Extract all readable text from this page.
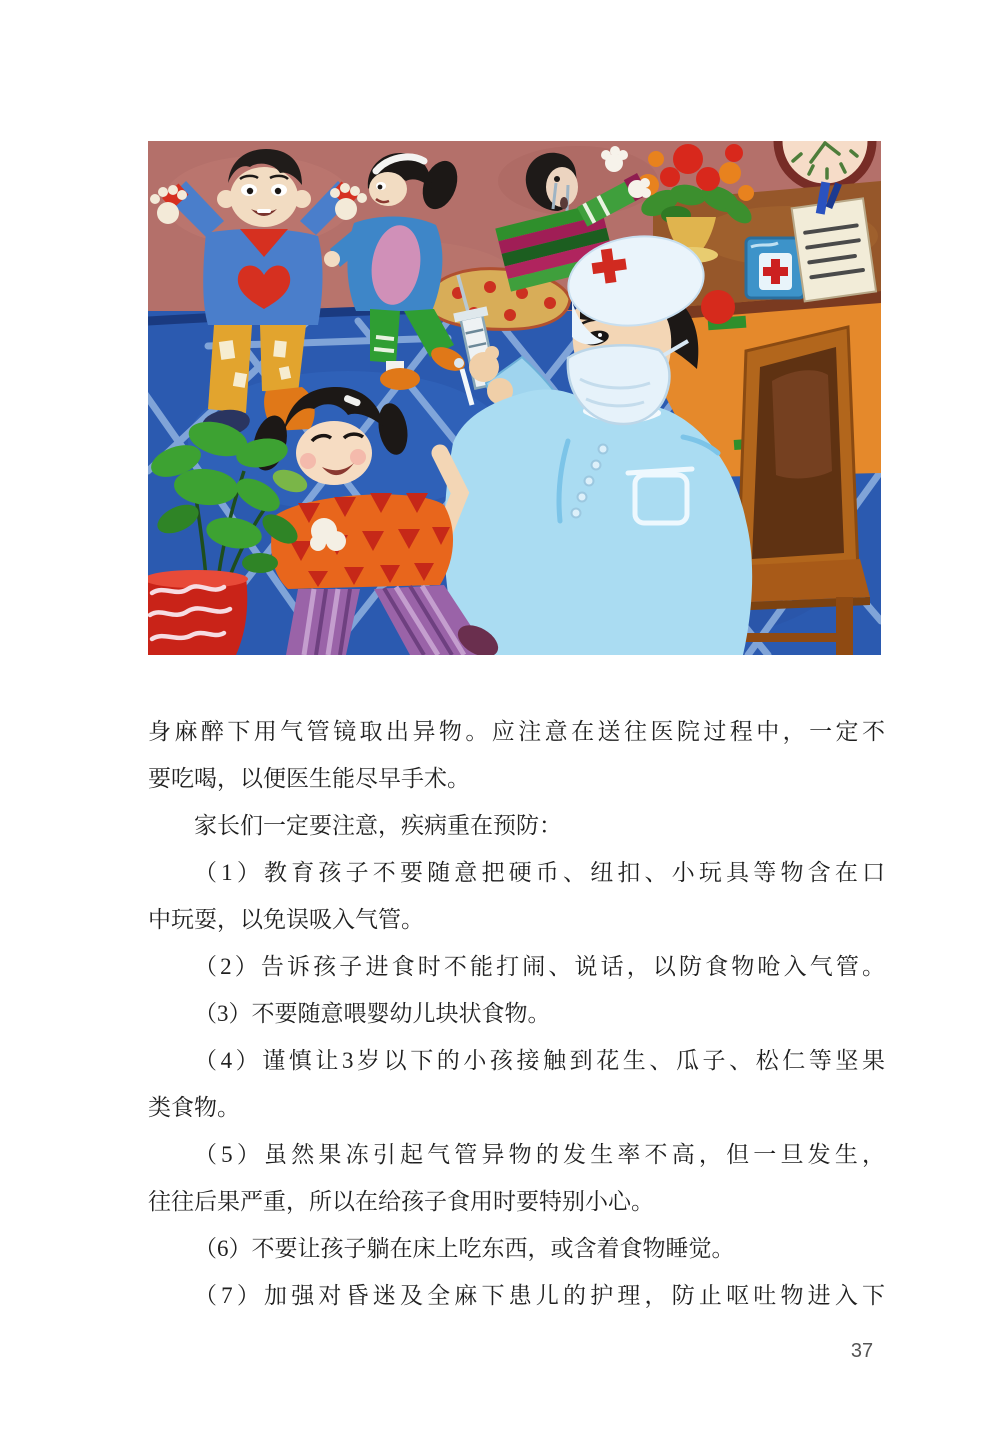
身麻醉下用气管镜取出异物。应注意在送往医院过程中，一定不
要吃喝，以便医生能尽早手术。
家长们一定要注意，疾病重在预防：
（1）教育孩子不要随意把硬币、纽扣、小玩具等物含在口
中玩耍，以免误吸入气管。
（2）告诉孩子进食时不能打闹、说话，以防食物呛入气管。
（3）不要随意喂婴幼儿块状食物。
（4）谨慎让3岁以下的小孩接触到花生、瓜子、松仁等坚果
类食物。
（5）虽然果冻引起气管异物的发生率不高，但一旦发生，
往往后果严重，所以在给孩子食用时要特别小心。
（6）不要让孩子躺在床上吃东西，或含着食物睡觉。
（7）加强对昏迷及全麻下患儿的护理，防止呕吐物进入下
37
